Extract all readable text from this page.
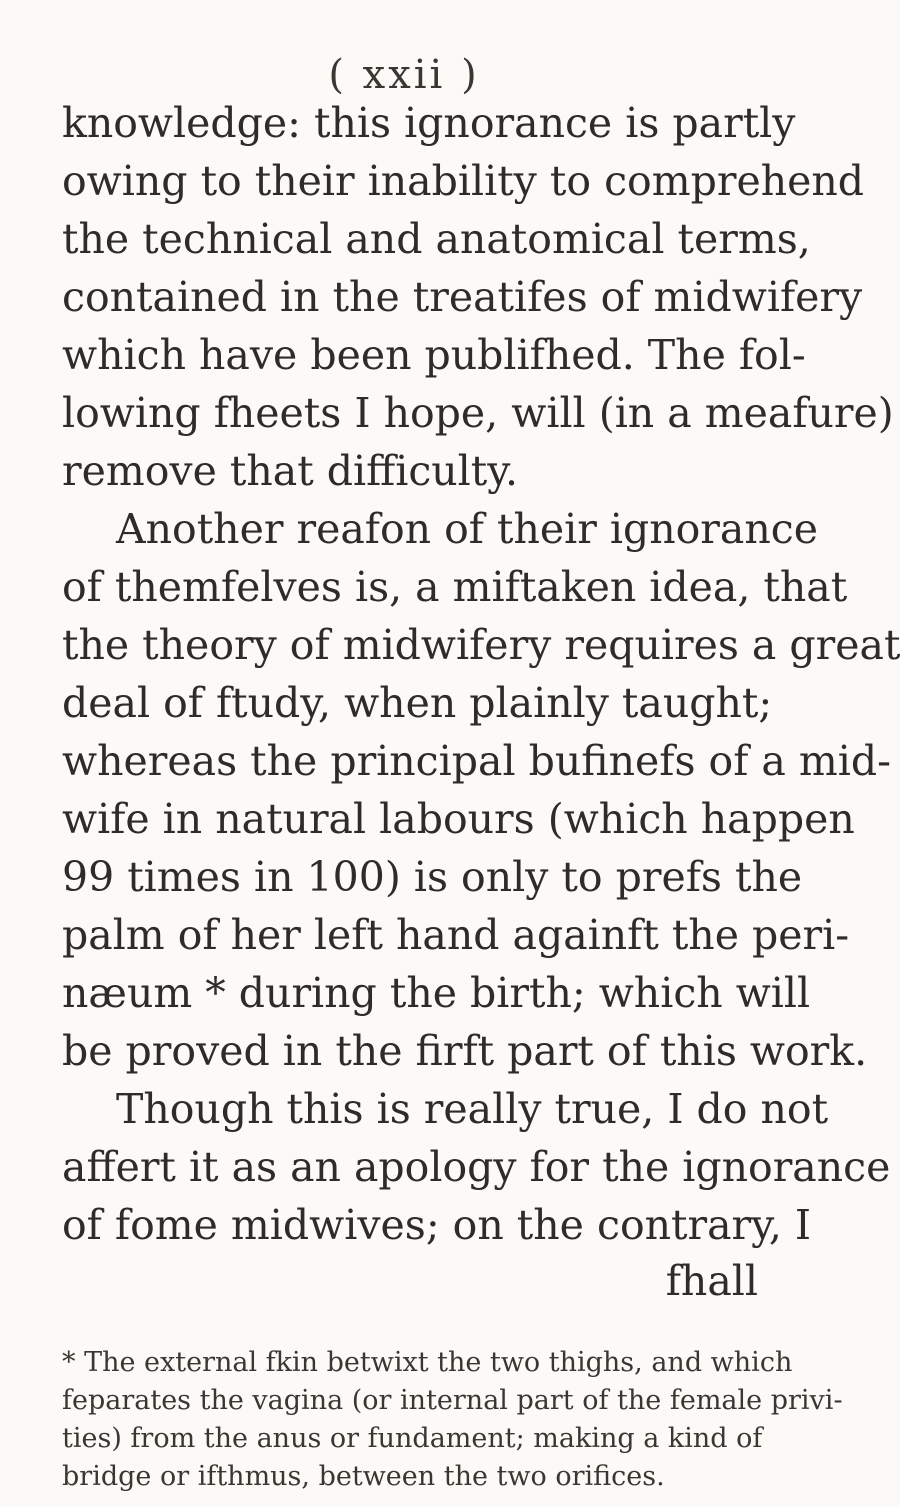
( xxii )
knowledge: this ignorance is partly
owing to their inability to comprehend
the technical and anatomical terms,
contained in the treatifes of midwifery
which have been publifhed. The fol-
lowing fheets I hope, will (in a meafure)
remove that difficulty.
Another reafon of their ignorance
of themfelves is, a miftaken idea, that
the theory of midwifery requires a great
deal of ftudy, when plainly taught;
whereas the principal bufinefs of a mid-
wife in natural labours (which happen
99 times in 100) is only to prefs the
palm of her left hand againft the peri-
næum * during the birth; which will
be proved in the firft part of this work.
Though this is really true, I do not
affert it as an apology for the ignorance
of fome midwives; on the contrary, I
fhall
* The external fkin betwixt the two thighs, and which
feparates the vagina (or internal part of the female privi-
ties) from the anus or fundament; making a kind of
bridge or ifthmus, between the two orifices.
